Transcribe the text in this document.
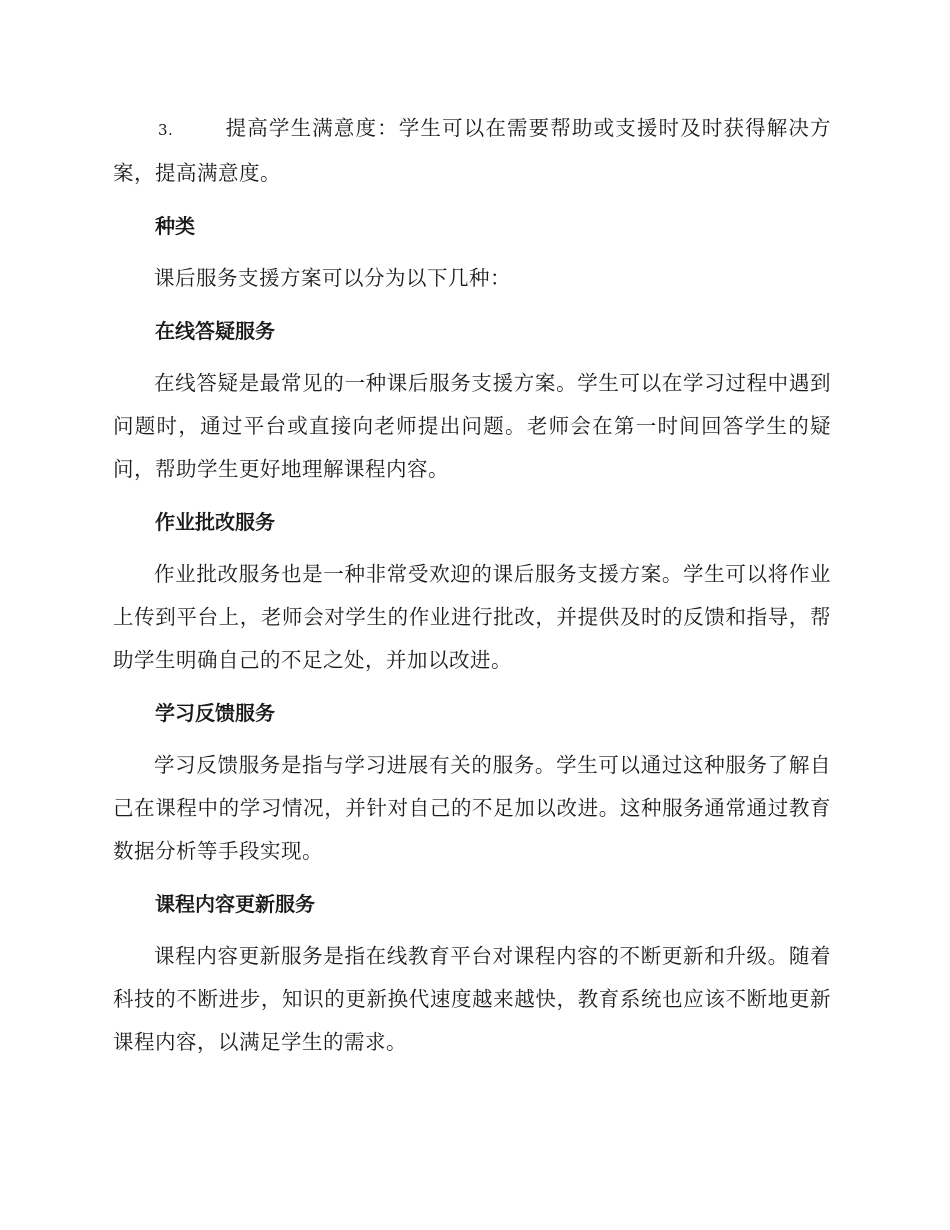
3.	提高学生满意度：学生可以在需要帮助或支援时及时获得解决方案，提高满意度。

种类

课后服务支援方案可以分为以下几种：

在线答疑服务

在线答疑是最常见的一种课后服务支援方案。学生可以在学习过程中遇到问题时，通过平台或直接向老师提出问题。老师会在第一时间回答学生的疑问，帮助学生更好地理解课程内容。

作业批改服务

作业批改服务也是一种非常受欢迎的课后服务支援方案。学生可以将作业上传到平台上，老师会对学生的作业进行批改，并提供及时的反馈和指导，帮助学生明确自己的不足之处，并加以改进。

学习反馈服务

学习反馈服务是指与学习进展有关的服务。学生可以通过这种服务了解自己在课程中的学习情况，并针对自己的不足加以改进。这种服务通常通过教育数据分析等手段实现。

课程内容更新服务

课程内容更新服务是指在线教育平台对课程内容的不断更新和升级。随着科技的不断进步，知识的更新换代速度越来越快，教育系统也应该不断地更新课程内容，以满足学生的需求。
